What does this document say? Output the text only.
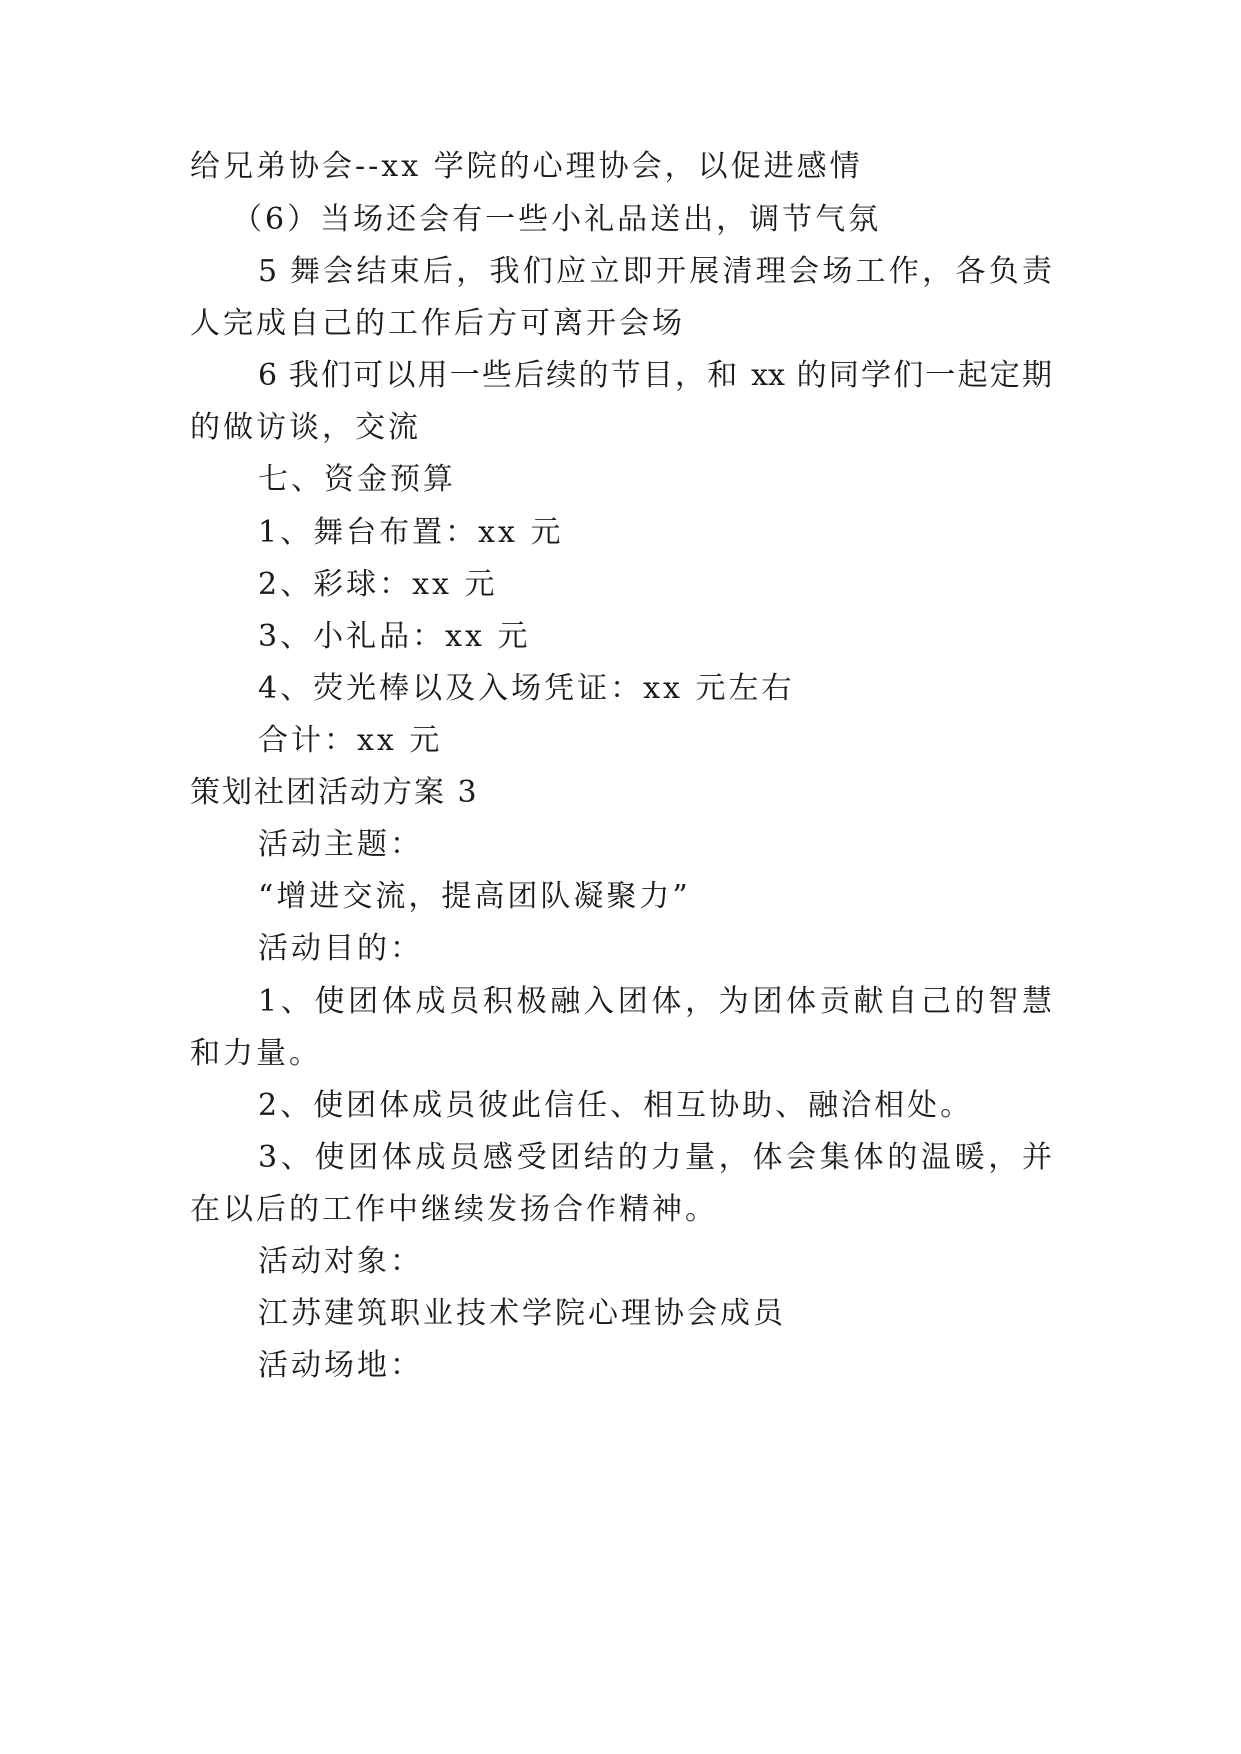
给兄弟协会--xx 学院的心理协会，以促进感情
（6）当场还会有一些小礼品送出，调节气氛
5 舞会结束后，我们应立即开展清理会场工作，各负责
人完成自己的工作后方可离开会场
6 我们可以用一些后续的节目，和 xx 的同学们一起定期
的做访谈，交流
七、资金预算
1、舞台布置：xx 元
2、彩球：xx 元
3、小礼品：xx 元
4、荧光棒以及入场凭证：xx 元左右
合计：xx 元
策划社团活动方案 3
活动主题：
“增进交流，提高团队凝聚力”
活动目的：
1、使团体成员积极融入团体，为团体贡献自己的智慧
和力量。
2、使团体成员彼此信任、相互协助、融洽相处。
3、使团体成员感受团结的力量，体会集体的温暖，并
在以后的工作中继续发扬合作精神。
活动对象：
江苏建筑职业技术学院心理协会成员
活动场地：
